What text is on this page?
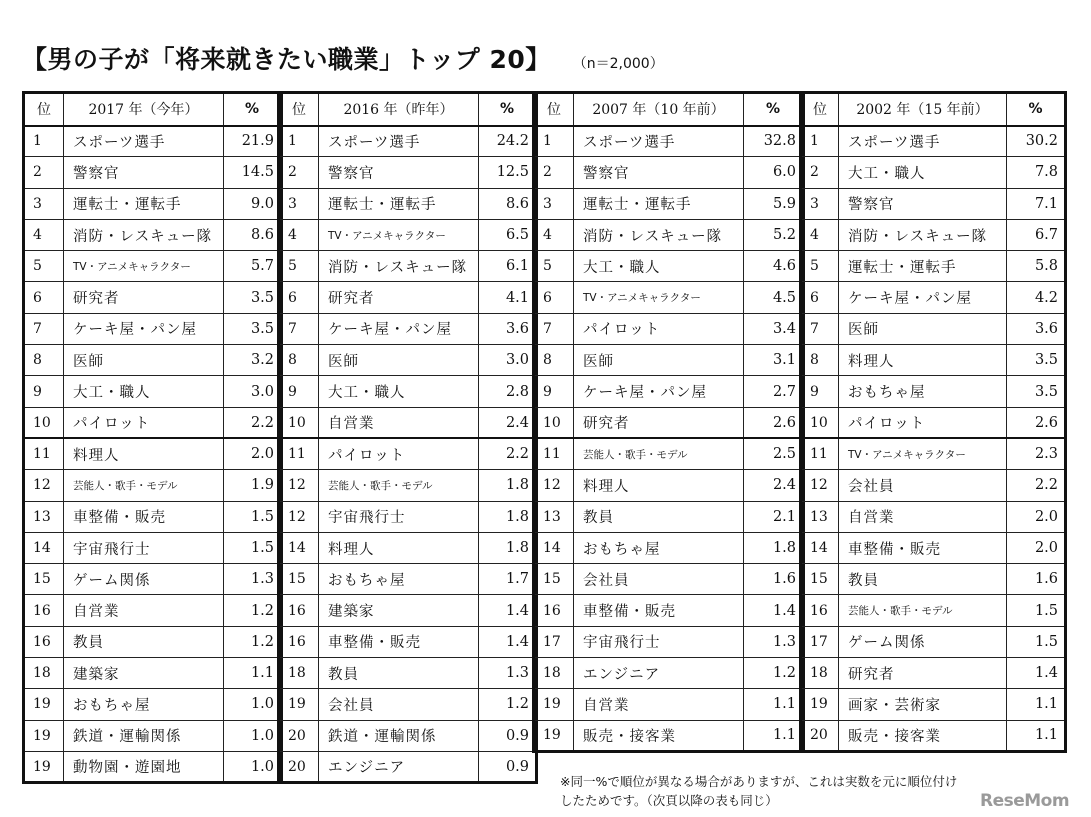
【男の子が「将来就きたい職業」トップ 20】 （n＝2,000）
位	2017 年（今年）	%
1	スポーツ選手	21.9
2	警察官	14.5
3	運転士・運転手	9.0
4	消防・レスキュー隊	8.6
5	TV・アニメキャラクター	5.7
6	研究者	3.5
7	ケーキ屋・パン屋	3.5
8	医師	3.2
9	大工・職人	3.0
10	パイロット	2.2
11	料理人	2.0
12	芸能人・歌手・モデル	1.9
13	車整備・販売	1.5
14	宇宙飛行士	1.5
15	ゲーム関係	1.3
16	自営業	1.2
16	教員	1.2
18	建築家	1.1
19	おもちゃ屋	1.0
19	鉄道・運輸関係	1.0
19	動物園・遊園地	1.0
位	2016 年（昨年）	%
1	スポーツ選手	24.2
2	警察官	12.5
3	運転士・運転手	8.6
4	TV・アニメキャラクター	6.5
5	消防・レスキュー隊	6.1
6	研究者	4.1
7	ケーキ屋・パン屋	3.6
8	医師	3.0
9	大工・職人	2.8
10	自営業	2.4
11	パイロット	2.2
12	芸能人・歌手・モデル	1.8
12	宇宙飛行士	1.8
14	料理人	1.8
15	おもちゃ屋	1.7
16	建築家	1.4
16	車整備・販売	1.4
18	教員	1.3
19	会社員	1.2
20	鉄道・運輸関係	0.9
20	エンジニア	0.9
位	2007 年（10 年前）	%
1	スポーツ選手	32.8
2	警察官	6.0
3	運転士・運転手	5.9
4	消防・レスキュー隊	5.2
5	大工・職人	4.6
6	TV・アニメキャラクター	4.5
7	パイロット	3.4
8	医師	3.1
9	ケーキ屋・パン屋	2.7
10	研究者	2.6
11	芸能人・歌手・モデル	2.5
12	料理人	2.4
13	教員	2.1
14	おもちゃ屋	1.8
15	会社員	1.6
16	車整備・販売	1.4
17	宇宙飛行士	1.3
18	エンジニア	1.2
19	自営業	1.1
19	販売・接客業	1.1
位	2002 年（15 年前）	%
1	スポーツ選手	30.2
2	大工・職人	7.8
3	警察官	7.1
4	消防・レスキュー隊	6.7
5	運転士・運転手	5.8
6	ケーキ屋・パン屋	4.2
7	医師	3.6
8	料理人	3.5
9	おもちゃ屋	3.5
10	パイロット	2.6
11	TV・アニメキャラクター	2.3
12	会社員	2.2
13	自営業	2.0
14	車整備・販売	2.0
15	教員	1.6
16	芸能人・歌手・モデル	1.5
17	ゲーム関係	1.5
18	研究者	1.4
19	画家・芸術家	1.1
20	販売・接客業	1.1
※同一%で順位が異なる場合がありますが、これは実数を元に順位付け
したためです。（次頁以降の表も同じ）	ReseMom
